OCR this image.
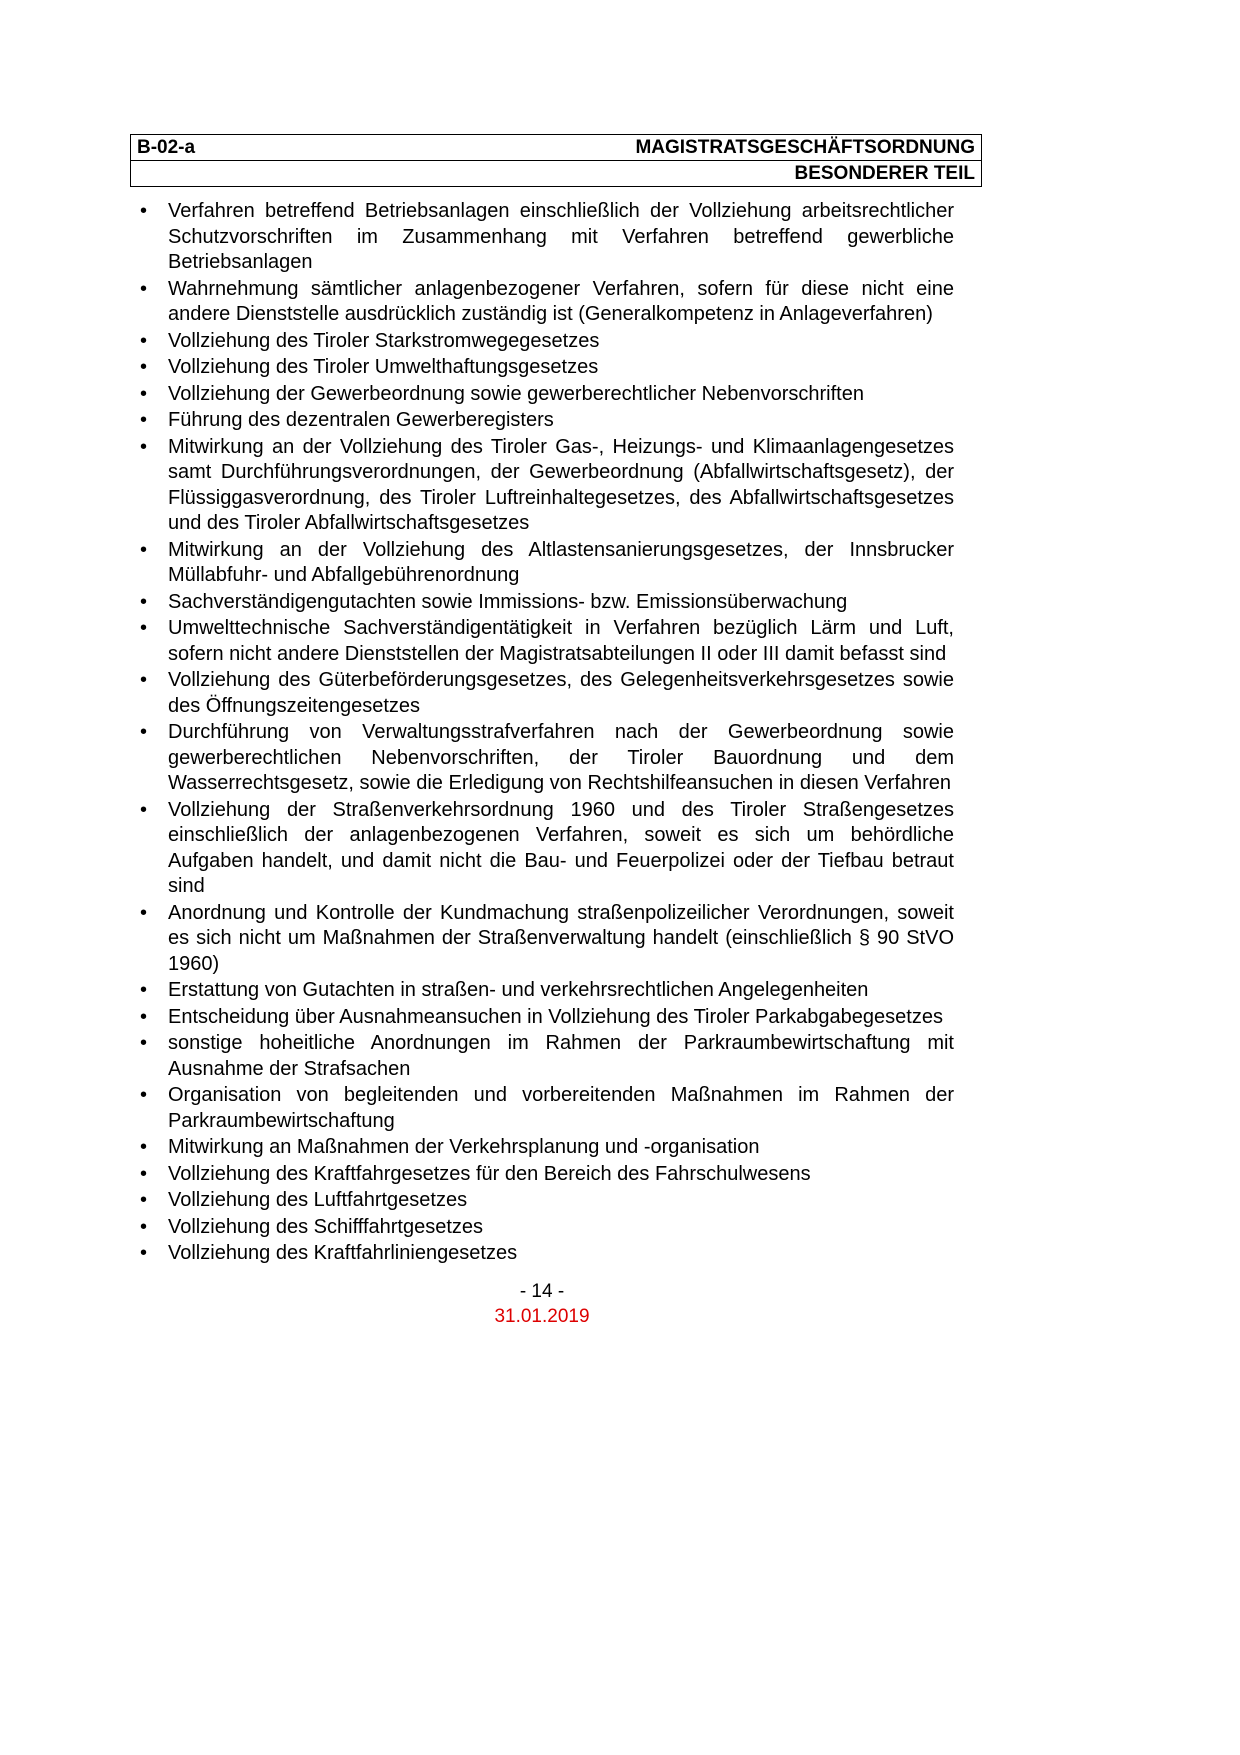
B-02-a	MAGISTRATSGESCHÄFTSORDNUNG
BESONDERER TEIL
• Verfahren betreffend Betriebsanlagen einschließlich der Vollziehung arbeitsrechtlicher Schutzvorschriften im Zusammenhang mit Verfahren betreffend gewerbliche Betriebsanlagen
• Wahrnehmung sämtlicher anlagenbezogener Verfahren, sofern für diese nicht eine andere Dienststelle ausdrücklich zuständig ist (Generalkompetenz in Anlageverfahren)
• Vollziehung des Tiroler Starkstromwegegesetzes
• Vollziehung des Tiroler Umwelthaftungsgesetzes
• Vollziehung der Gewerbeordnung sowie gewerberechtlicher Nebenvorschriften
• Führung des dezentralen Gewerberegisters
• Mitwirkung an der Vollziehung des Tiroler Gas-, Heizungs- und Klimaanlagengesetzes samt Durchführungsverordnungen, der Gewerbeordnung (Abfallwirtschaftsgesetz), der Flüssiggasverordnung, des Tiroler Luftreinhaltegesetzes, des Abfallwirtschaftsgesetzes und des Tiroler Abfallwirtschaftsgesetzes
• Mitwirkung an der Vollziehung des Altlastensanierungsgesetzes, der Innsbrucker Müllabfuhr- und Abfallgebührenordnung
• Sachverständigengutachten sowie Immissions- bzw. Emissionsüberwachung
• Umwelttechnische Sachverständigentätigkeit in Verfahren bezüglich Lärm und Luft, sofern nicht andere Dienststellen der Magistratsabteilungen II oder III damit befasst sind
• Vollziehung des Güterbeförderungsgesetzes, des Gelegenheitsverkehrsgesetzes sowie des Öffnungszeitengesetzes
• Durchführung von Verwaltungsstrafverfahren nach der Gewerbeordnung sowie gewerberechtlichen Nebenvorschriften, der Tiroler Bauordnung und dem Wasserrechtsgesetz, sowie die Erledigung von Rechtshilfeansuchen in diesen Verfahren
• Vollziehung der Straßenverkehrsordnung 1960 und des Tiroler Straßengesetzes einschließlich der anlagenbezogenen Verfahren, soweit es sich um behördliche Aufgaben handelt, und damit nicht die Bau- und Feuerpolizei oder der Tiefbau betraut sind
• Anordnung und Kontrolle der Kundmachung straßenpolizeilicher Verordnungen, soweit es sich nicht um Maßnahmen der Straßenverwaltung handelt (einschließlich § 90 StVO 1960)
• Erstattung von Gutachten in straßen- und verkehrsrechtlichen Angelegenheiten
• Entscheidung über Ausnahmeansuchen in Vollziehung des Tiroler Parkabgabegesetzes
• sonstige hoheitliche Anordnungen im Rahmen der Parkraumbewirtschaftung mit Ausnahme der Strafsachen
• Organisation von begleitenden und vorbereitenden Maßnahmen im Rahmen der Parkraumbewirtschaftung
• Mitwirkung an Maßnahmen der Verkehrsplanung und -organisation
• Vollziehung des Kraftfahrgesetzes für den Bereich des Fahrschulwesens
• Vollziehung des Luftfahrtgesetzes
• Vollziehung des Schifffahrtgesetzes
• Vollziehung des Kraftfahrliniengesetzes
- 14 -
31.01.2019
